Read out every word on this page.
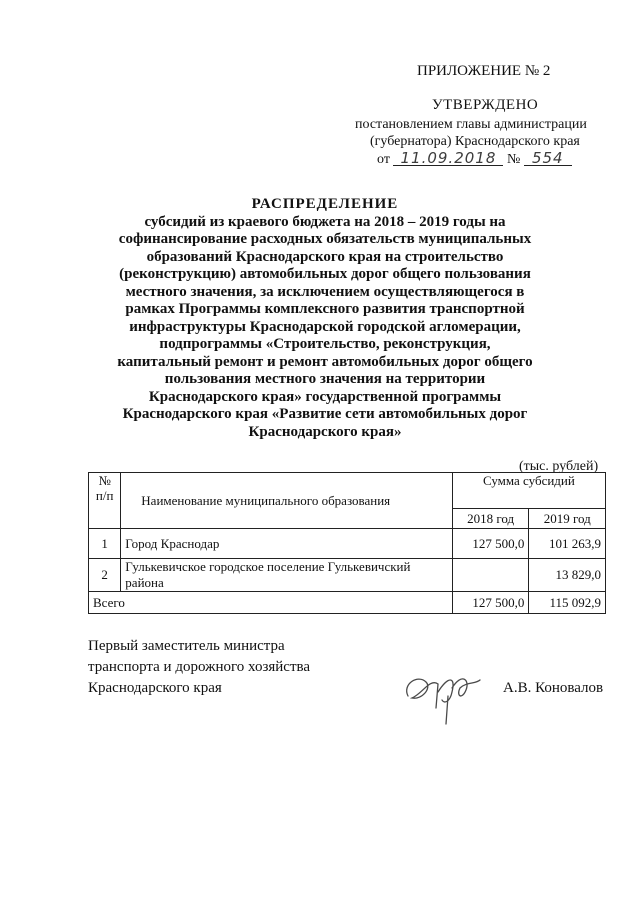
ПРИЛОЖЕНИЕ № 2
УТВЕРЖДЕНО
постановлением главы администрации
(губернатора) Краснодарского края
от 11.09.2018 № 554
РАСПРЕДЕЛЕНИЕ
субсидий из краевого бюджета на 2018 – 2019 годы на
софинансирование расходных обязательств муниципальных
образований Краснодарского края на строительство
(реконструкцию) автомобильных дорог общего пользования
местного значения, за исключением осуществляющегося в
рамках Программы комплексного развития транспортной
инфраструктуры Краснодарской городской агломерации,
подпрограммы «Строительство, реконструкция,
капитальный ремонт и ремонт автомобильных дорог общего
пользования местного значения на территории
Краснодарского края» государственной программы
Краснодарского края «Развитие сети автомобильных дорог
Краснодарского края»
(тыс. рублей)
№
п/п	Наименование муниципального образования	Сумма субсидий	
		2018 год	2019 год
1	Город Краснодар	127 500,0	101 263,9
2	Гулькевичское городское поселение Гулькевичский района		13 829,0
Всего		127 500,0	115 092,9
Первый заместитель министра
транспорта и дорожного хозяйства
Краснодарского края	А.В. Коновалов
